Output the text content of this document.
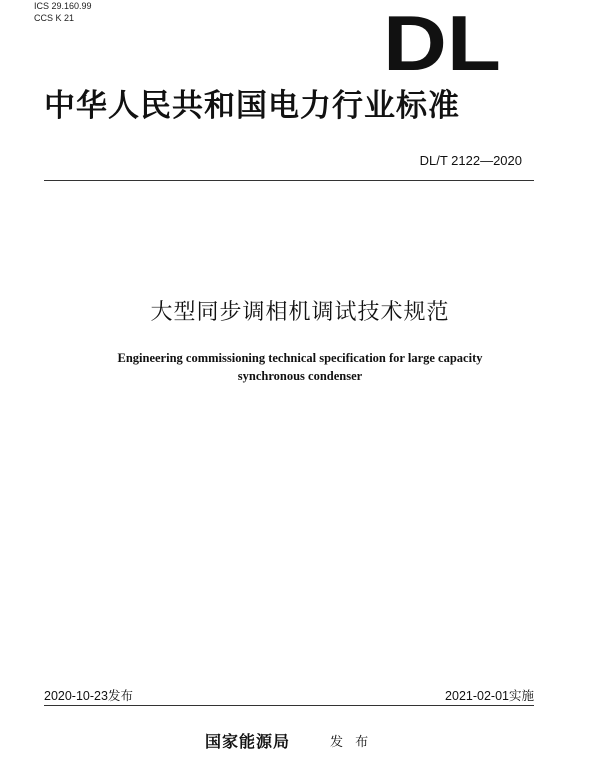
ICS 29.160.99
CCS K 21	DL
中华人民共和国电力行业标准
DL/T 2122—2020
大型同步调相机调试技术规范
Engineering commissioning technical specification for large capacity
synchronous condenser
2020-10-23发布	2021-02-01实施
国家能源局	发 布
